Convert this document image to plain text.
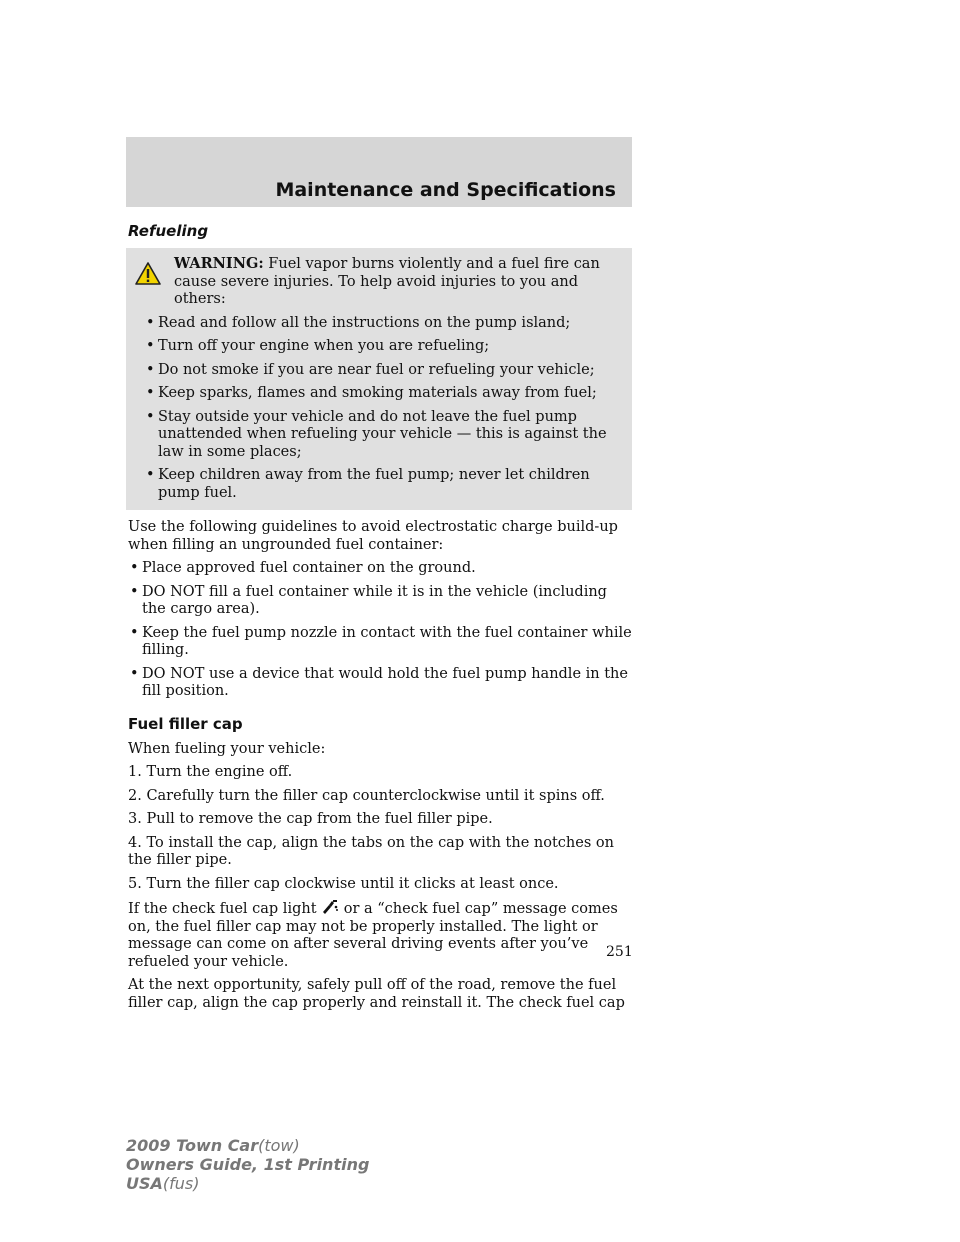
Maintenance and Specifications
Refueling
WARNING: Fuel vapor burns violently and a fuel fire can cause severe injuries. To help avoid injuries to you and others:
• Read and follow all the instructions on the pump island;
• Turn off your engine when you are refueling;
• Do not smoke if you are near fuel or refueling your vehicle;
• Keep sparks, flames and smoking materials away from fuel;
• Stay outside your vehicle and do not leave the fuel pump unattended when refueling your vehicle — this is against the law in some places;
• Keep children away from the fuel pump; never let children pump fuel.

Use the following guidelines to avoid electrostatic charge build-up when filling an ungrounded fuel container:

• Place approved fuel container on the ground.
• DO NOT fill a fuel container while it is in the vehicle (including the cargo area).
• Keep the fuel pump nozzle in contact with the fuel container while filling.
• DO NOT use a device that would hold the fuel pump handle in the fill position.
Fuel filler cap

When fueling your vehicle:

1. Turn the engine off.

2. Carefully turn the filler cap counterclockwise until it spins off.

3. Pull to remove the cap from the fuel filler pipe.

4. To install the cap, align the tabs on the cap with the notches on the filler pipe.

5. Turn the filler cap clockwise until it clicks at least once.

If the check fuel cap light or a “check fuel cap” message comes on, the fuel filler cap may not be properly installed. The light or message can come on after several driving events after you’ve refueled your vehicle.

At the next opportunity, safely pull off of the road, remove the fuel filler cap, align the cap properly and reinstall it. The check fuel cap

251
2009 Town Car(tow)
Owners Guide, 1st Printing
USA(fus)
